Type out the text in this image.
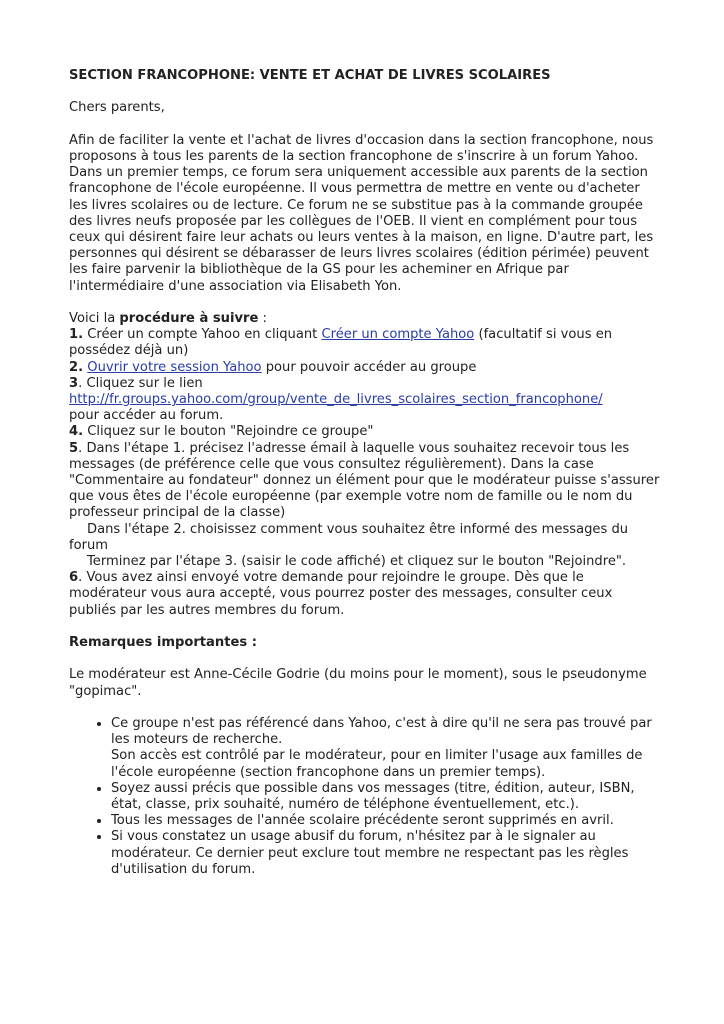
SECTION FRANCOPHONE: VENTE ET ACHAT DE LIVRES SCOLAIRES

Chers parents,

Afin de faciliter la vente et l'achat de livres d'occasion dans la section francophone, nous proposons à tous les parents de la section francophone de s'inscrire à un forum Yahoo.

Dans un premier temps, ce forum sera uniquement accessible aux parents de la section francophone de l'école européenne. Il vous permettra de mettre en vente ou d'acheter les livres scolaires ou de lecture. Ce forum ne se substitue pas à la commande groupée des livres neufs proposée par les collègues de l'OEB. Il vient en complément pour tous ceux qui désirent faire leur achats ou leurs ventes à la maison, en ligne. D'autre part, les personnes qui désirent se débarasser de leurs livres scolaires (édition périmée) peuvent les faire parvenir la bibliothèque de la GS pour les acheminer en Afrique par l'intermédiaire d'une association via Elisabeth Yon.

Voici la procédure à suivre :

1. Créer un compte Yahoo en cliquant Créer un compte Yahoo (facultatif si vous en possédez déjà un)

2. Ouvrir votre session Yahoo pour pouvoir accéder au groupe

3. Cliquez sur le lien

http://fr.groups.yahoo.com/group/vente_de_livres_scolaires_section_francophone/

pour accéder au forum.

4. Cliquez sur le bouton "Rejoindre ce groupe"

5. Dans l'étape 1. précisez l'adresse émail à laquelle vous souhaitez recevoir tous les messages (de préférence celle que vous consultez régulièrement). Dans la case "Commentaire au fondateur" donnez un élément pour que le modérateur puisse s'assurer que vous êtes de l'école européenne (par exemple votre nom de famille ou le nom du professeur principal de la classe)

Dans l'étape 2. choisissez comment vous souhaitez être informé des messages du forum

Terminez par l'étape 3. (saisir le code affiché) et cliquez sur le bouton "Rejoindre".

6. Vous avez ainsi envoyé votre demande pour rejoindre le groupe. Dès que le modérateur vous aura accepté, vous pourrez poster des messages, consulter ceux publiés par les autres membres du forum.

Remarques importantes :

Le modérateur est Anne-Cécile Godrie (du moins pour le moment), sous le pseudonyme "gopimac".

• Ce groupe n'est pas référencé dans Yahoo, c'est à dire qu'il ne sera pas trouvé par les moteurs de recherche.
Son accès est contrôlé par le modérateur, pour en limiter l'usage aux familles de l'école européenne (section francophone dans un premier temps).
• Soyez aussi précis que possible dans vos messages (titre, édition, auteur, ISBN, état, classe, prix souhaité, numéro de téléphone éventuellement, etc.).
• Tous les messages de l'année scolaire précédente seront supprimés en avril.
• Si vous constatez un usage abusif du forum, n'hésitez par à le signaler au modérateur. Ce dernier peut exclure tout membre ne respectant pas les règles d'utilisation du forum.
